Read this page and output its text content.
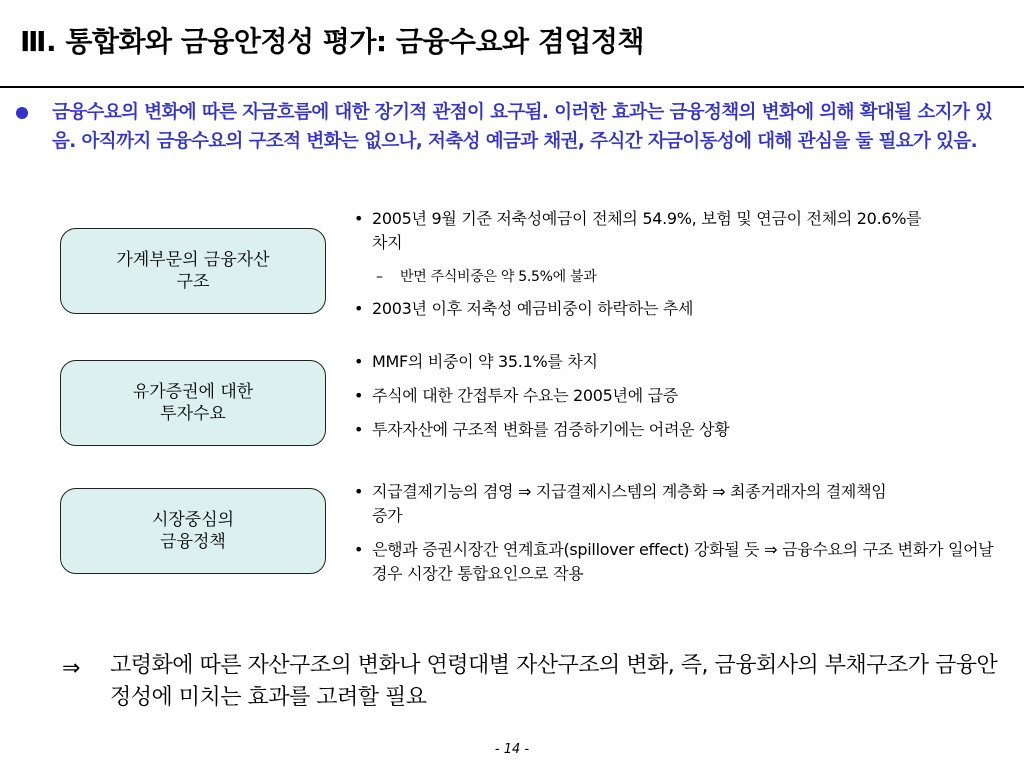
Ⅲ. 통합화와 금융안정성 평가: 금융수요와 겸업정책
금융수요의 변화에 따른 자금흐름에 대한 장기적 관점이 요구됨. 이러한 효과는 금융정책의 변화에 의해 확대될 소지가 있음. 아직까지 금융수요의 구조적 변화는 없으나, 저축성 예금과 채권, 주식간 자금이동성에 대해 관심을 둘 필요가 있음.
가계부문의 금융자산
구조
유가증권에 대한
투자수요
시장중심의
금융정책
• 2005년 9월 기준 저축성예금이 전체의 54.9%, 보험 및 연금이 전체의 20.6%를 차지
– 반면 주식비중은 약 5.5%에 불과
• 2003년 이후 저축성 예금비중이 하락하는 추세
• MMF의 비중이 약 35.1%를 차지
• 주식에 대한 간접투자 수요는 2005년에 급증
• 투자자산에 구조적 변화를 검증하기에는 어려운 상황
• 지급결제기능의 겸영 ⇒ 지급결제시스템의 계층화 ⇒ 최종거래자의 결제책임 증가
• 은행과 증권시장간 연계효과(spillover effect) 강화될 듯 ⇒ 금융수요의 구조 변화가 일어날 경우 시장간 통합요인으로 작용
⇒ 고령화에 따른 자산구조의 변화나 연령대별 자산구조의 변화, 즉, 금융회사의 부채구조가 금융안정성에 미치는 효과를 고려할 필요
- 14 -
